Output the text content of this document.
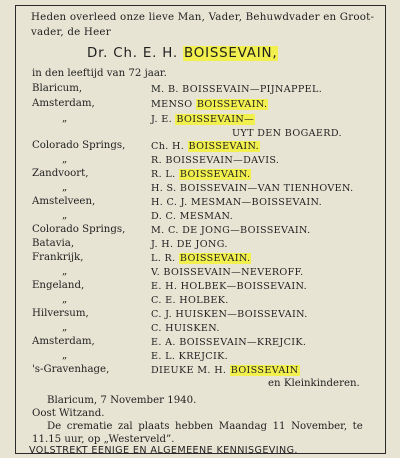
Heden overleed onze lieve Man, Vader, Behuwdvader en Groot-
vader, de Heer
Dr. Ch. E. H. BOISSEVAIN,
in den leeftijd van 72 jaar.
Blaricum,	M. B. BOISSEVAIN—PIJNAPPEL.
Amsterdam,	MENSO BOISSEVAIN.
„	J. E. BOISSEVAIN—
UYT DEN BOGAERD.
Colorado Springs,	Ch. H. BOISSEVAIN.
„	R. BOISSEVAIN—DAVIS.
Zandvoort,	R. L. BOISSEVAIN.
„	H. S. BOISSEVAIN—VAN TIENHOVEN.
Amstelveen,	H. C. J. MESMAN—BOISSEVAIN.
„	D. C. MESMAN.
Colorado Springs,	M. C. DE JONG—BOISSEVAIN.
Batavia,	J. H. DE JONG.
Frankrijk,	L. R. BOISSEVAIN.
„	V. BOISSEVAIN—NEVEROFF.
Engeland,	E. H. HOLBEK—BOISSEVAIN.
„	C. E. HOLBEK.
Hilversum,	C. J. HUISKEN—BOISSEVAIN.
„	C. HUISKEN.
Amsterdam,	E. A. BOISSEVAIN—KREJCIK.
„	E. L. KREJCIK.
's-Gravenhage,	DIEUKE M. H. BOISSEVAIN
en Kleinkinderen.
Blaricum, 7 November 1940.
Oost Witzand.
De crematie zal plaats hebben Maandag 11 November, te
11.15 uur, op „Westerveld”.
VOLSTREKT EENIGE EN ALGEMEENE KENNISGEVING.
